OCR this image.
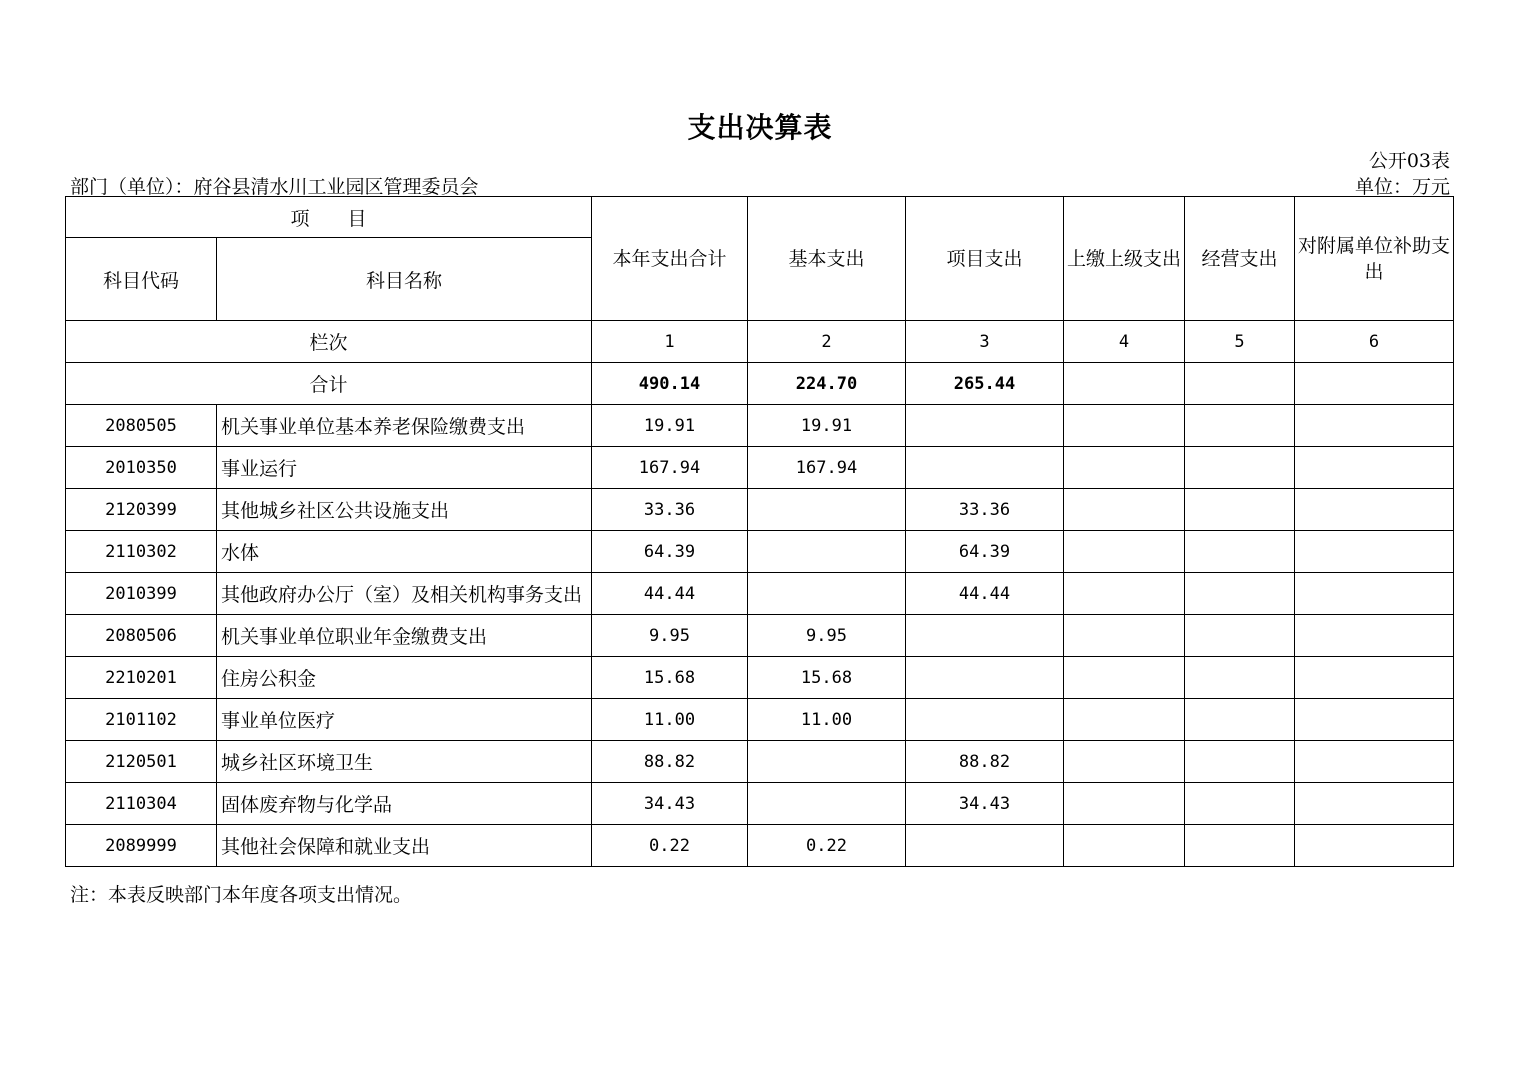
支出决算表
公开03表
部门（单位）：府谷县清水川工业园区管理委员会	单位：万元
项　　目		本年支出合计	基本支出	项目支出	上缴上级支出	经营支出	对附属单位补助支出
科目代码	科目名称						
栏次		1	2	3	4	5	6
合计		490.14	224.70	265.44			
2080505	机关事业单位基本养老保险缴费支出	19.91	19.91				
2010350	事业运行	167.94	167.94				
2120399	其他城乡社区公共设施支出	33.36		33.36			
2110302	水体	64.39		64.39			
2010399	其他政府办公厅（室）及相关机构事务支出	44.44		44.44			
2080506	机关事业单位职业年金缴费支出	9.95	9.95				
2210201	住房公积金	15.68	15.68				
2101102	事业单位医疗	11.00	11.00				
2120501	城乡社区环境卫生	88.82		88.82			
2110304	固体废弃物与化学品	34.43		34.43			
2089999	其他社会保障和就业支出	0.22	0.22				
注：本表反映部门本年度各项支出情况。
